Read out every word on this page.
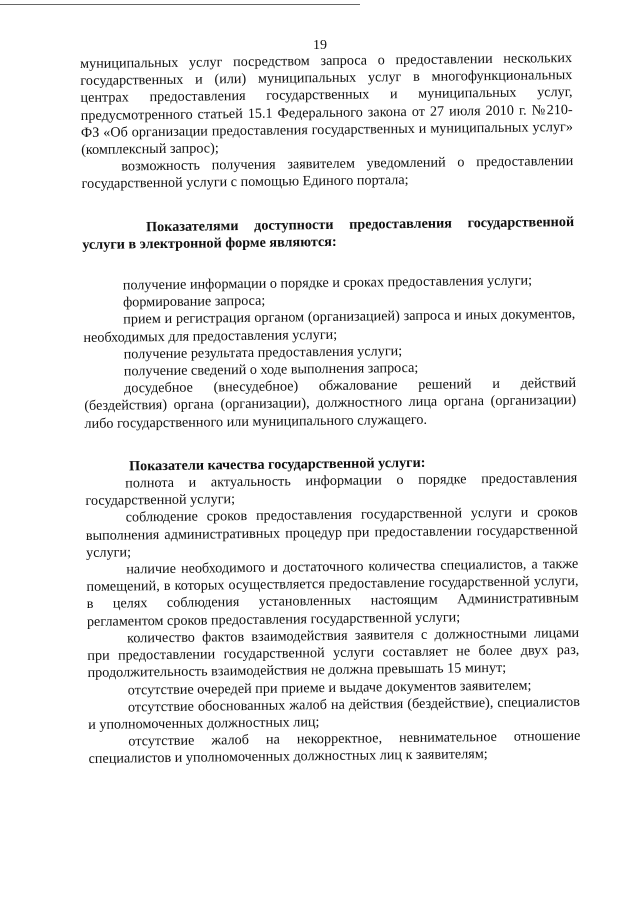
19

муниципальных услуг посредством запроса о предоставлении нескольких государственных и (или) муниципальных услуг в многофункциональных центрах предоставления государственных и муниципальных услуг, предусмотренного статьей 15.1 Федерального закона от 27 июля 2010 г. №210-ФЗ «Об организации предоставления государственных и муниципальных услуг» (комплексный запрос);

возможность получения заявителем уведомлений о предоставлении государственной услуги с помощью Единого портала;

Показателями доступности предоставления государственной услуги в электронной форме являются:

получение информации о порядке и сроках предоставления услуги;

формирование запроса;

прием и регистрация органом (организацией) запроса и иных документов, необходимых для предоставления услуги;

получение результата предоставления услуги;

получение сведений о ходе выполнения запроса;

досудебное (внесудебное) обжалование решений и действий (бездействия) органа (организации), должностного лица органа (организации) либо государственного или муниципального служащего.

Показатели качества государственной услуги:

полнота и актуальность информации о порядке предоставления государственной услуги;

соблюдение сроков предоставления государственной услуги и сроков выполнения административных процедур при предоставлении государственной услуги;

наличие необходимого и достаточного количества специалистов, а также помещений, в которых осуществляется предоставление государственной услуги, в целях соблюдения установленных настоящим Административным регламентом сроков предоставления государственной услуги;

количество фактов взаимодействия заявителя с должностными лицами при предоставлении государственной услуги составляет не более двух раз, продолжительность взаимодействия не должна превышать 15 минут;

отсутствие очередей при приеме и выдаче документов заявителем;

отсутствие обоснованных жалоб на действия (бездействие), специалистов и уполномоченных должностных лиц;

отсутствие жалоб на некорректное, невнимательное отношение специалистов и уполномоченных должностных лиц к заявителям;
